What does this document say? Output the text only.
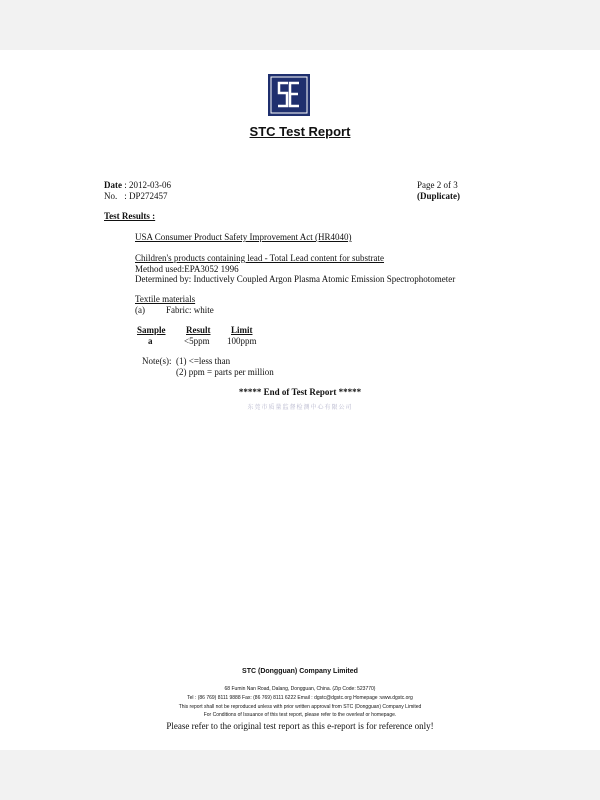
STC Test Report
Date : 2012-03-06
No. : DP272457
Page 2 of 3
(Duplicate)
Test Results :
USA Consumer Product Safety Improvement Act (HR4040)
Children's products containing lead - Total Lead content for substrate
Method used:EPA3052 1996
Determined by: Inductively Coupled Argon Plasma Atomic Emission Spectrophotometer
Textile materials
(a) Fabric: white
Sample Result Limit
a	<5ppm 100ppm
Note(s): (1) <=less than
(2) ppm = parts per million
***** End of Test Report *****
东莞市质量监督检测中心有限公司
STC (Dongguan) Company Limited
68 Fumin Nan Road, Dalang, Dongguan, China. (Zip Code: 523770)
Tel : (86 769) 8111 9888 Fax: (86 769) 8111 6222 Email : dgstc@dgstc.org Homepage :www.dgstc.org
This report shall not be reproduced unless with prior written approval from STC (Dongguan) Company Limited
For Conditions of Issuance of this test report, please refer to the overleaf or homepage.
Please refer to the original test report as this e-report is for reference only!
